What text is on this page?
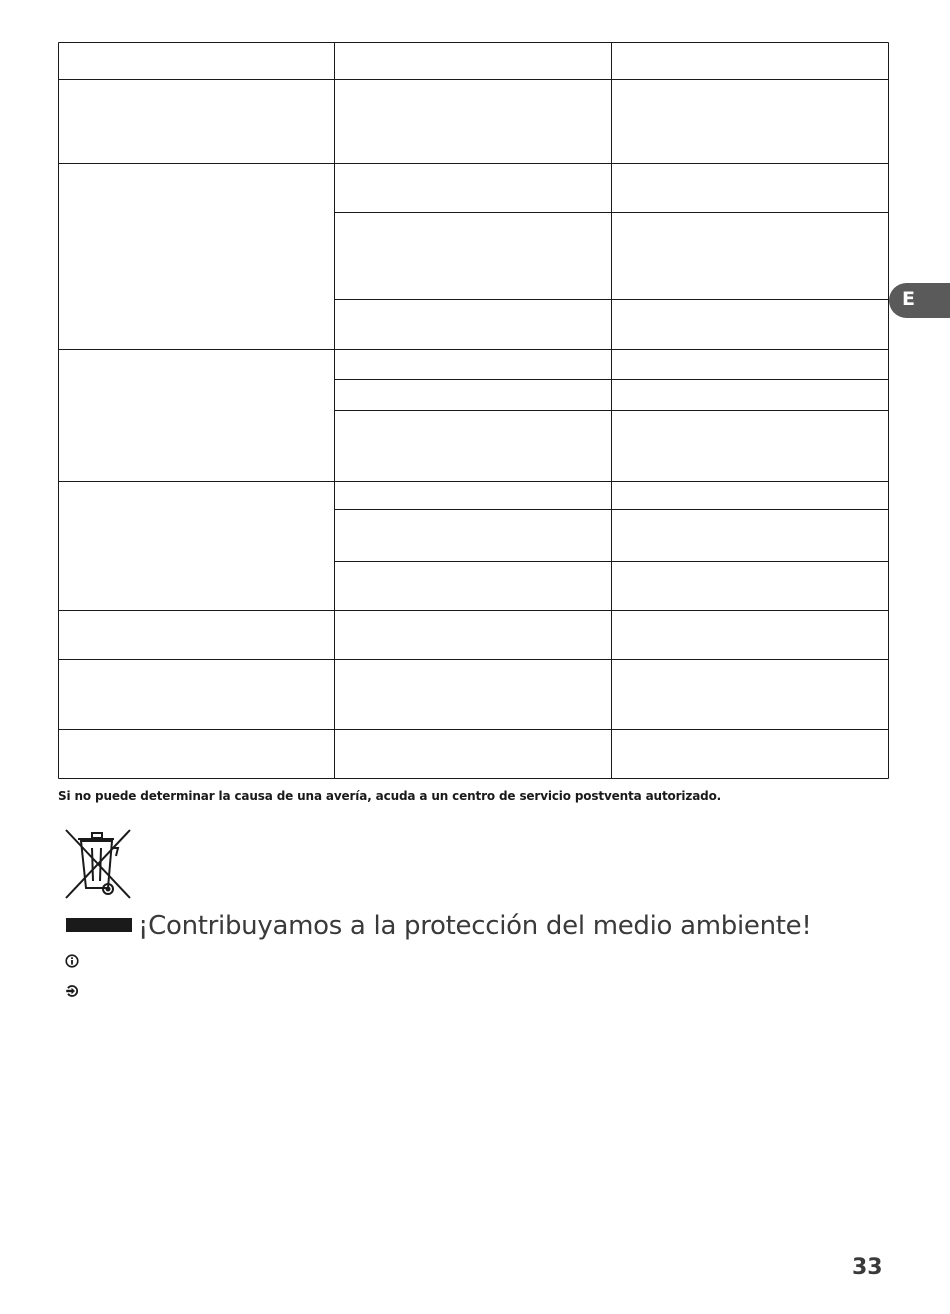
E
Si no puede determinar la causa de una avería, acuda a un centro de servicio postventa autorizado.
¡Contribuyamos a la protección del medio ambiente!
33
